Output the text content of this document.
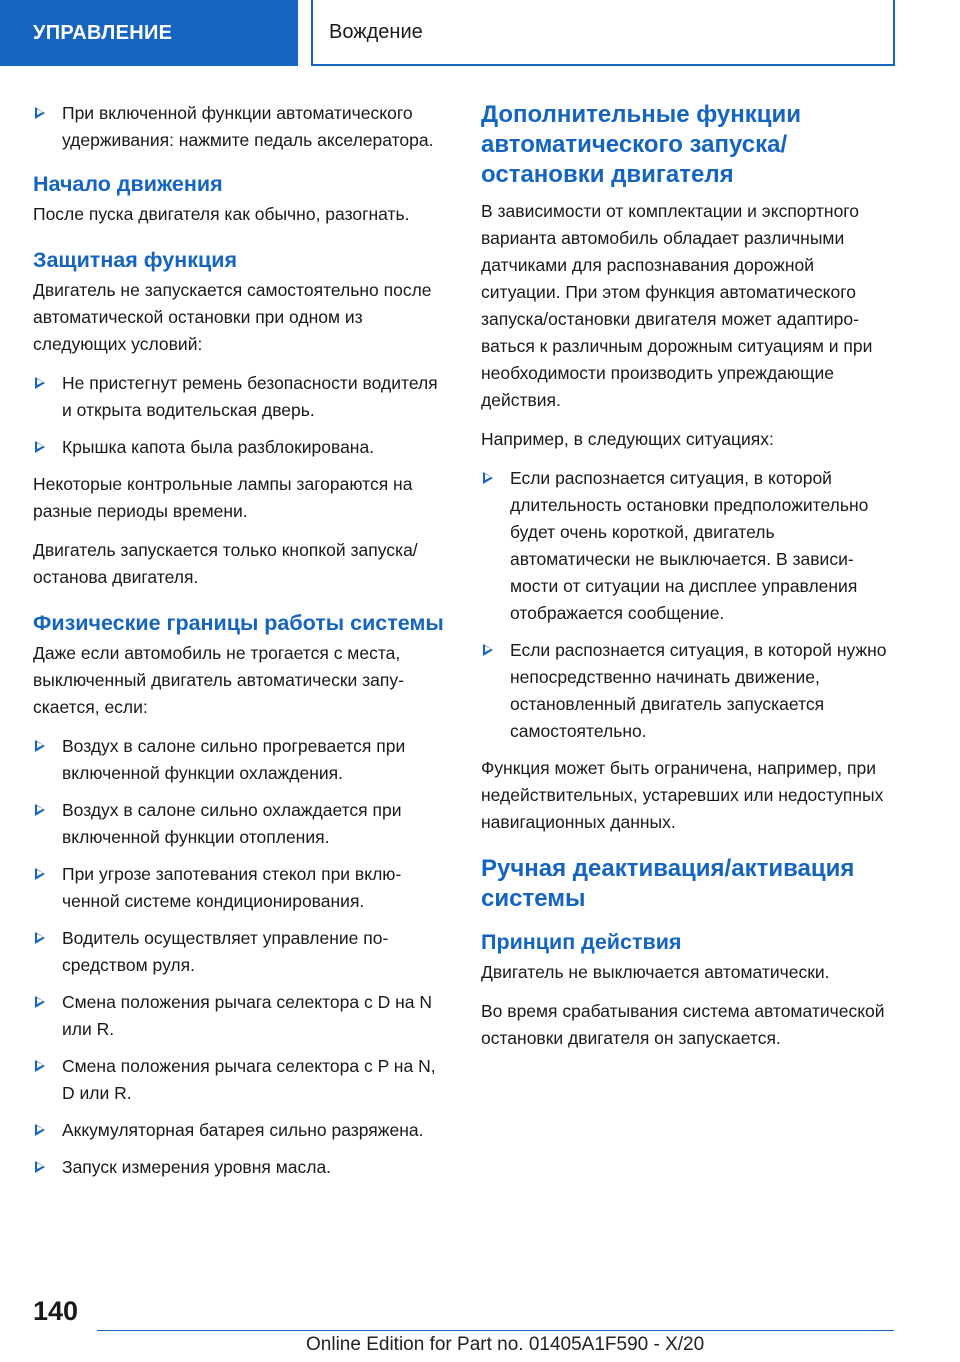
УПРАВЛЕНИЕ	Вождение
При включенной функции автоматического удерживания: нажмите педаль акселератора.
Начало движения

После пуска двигателя как обычно, разогнать.

Защитная функция

Двигатель не запускается самостоятельно после автоматической остановки при одном из следующих условий:

Не пристегнут ремень безопасности водителя и открыта водительская дверь.
Крышка капота была разблокирована.

Некоторые контрольные лампы загораются на разные периоды времени.

Двигатель запускается только кнопкой запуска/останова двигателя.

Физические границы работы системы

Даже если автомобиль не трогается с места, выключенный двигатель автоматически запускается, если:

Воздух в салоне сильно прогревается при включенной функции охлаждения.
Воздух в салоне сильно охлаждается при включенной функции отопления.
При угрозе запотевания стекол при включенной системе кондиционирования.
Водитель осуществляет управление посредством руля.
Смена положения рычага селектора с D на N или R.
Смена положения рычага селектора с P на N, D или R.
Аккумуляторная батарея сильно разряжена.
Запуск измерения уровня масла.
Дополнительные функции автоматического запуска/ остановки двигателя

В зависимости от комплектации и экспортного варианта автомобиль обладает различными датчиками для распознавания дорожной ситуации. При этом функция автоматического запуска/остановки двигателя может адаптироваться к различным дорожным ситуациям и при необходимости производить упреждающие действия.

Например, в следующих ситуациях:

Если распознается ситуация, в которой длительность остановки предположительно будет очень короткой, двигатель автоматически не выключается. В зависимости от ситуации на дисплее управления отображается сообщение.
Если распознается ситуация, в которой нужно непосредственно начинать движение, остановленный двигатель запускается самостоятельно.

Функция может быть ограничена, например, при недействительных, устаревших или недоступных навигационных данных.

Ручная деактивация/активация системы
Принцип действия

Двигатель не выключается автоматически.

Во время срабатывания система автоматической остановки двигателя он запускается.

140
Online Edition for Part no. 01405A1F590 - X/20
